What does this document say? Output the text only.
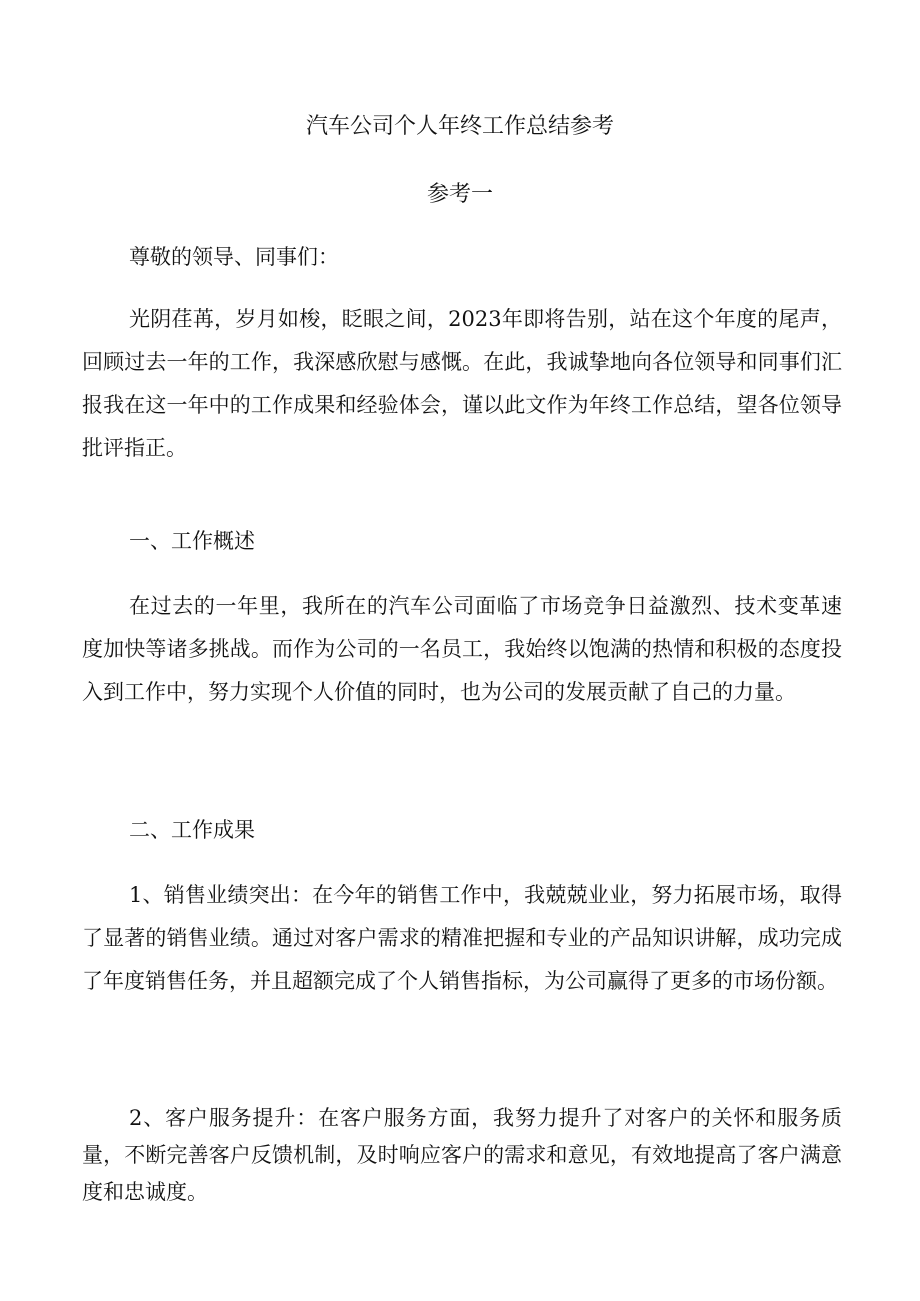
汽车公司个人年终工作总结参考
参考一

尊敬的领导、同事们：

光阴荏苒，岁月如梭，眨眼之间，2023年即将告别，站在这个年度的尾声，回顾过去一年的工作，我深感欣慰与感慨。在此，我诚挚地向各位领导和同事们汇报我在这一年中的工作成果和经验体会，谨以此文作为年终工作总结，望各位领导批评指正。

一、工作概述

在过去的一年里，我所在的汽车公司面临了市场竞争日益激烈、技术变革速度加快等诸多挑战。而作为公司的一名员工，我始终以饱满的热情和积极的态度投入到工作中，努力实现个人价值的同时，也为公司的发展贡献了自己的力量。

二、工作成果

1、销售业绩突出：在今年的销售工作中，我兢兢业业，努力拓展市场，取得了显著的销售业绩。通过对客户需求的精准把握和专业的产品知识讲解，成功完成了年度销售任务，并且超额完成了个人销售指标，为公司赢得了更多的市场份额。

2、客户服务提升：在客户服务方面，我努力提升了对客户的关怀和服务质量，不断完善客户反馈机制，及时响应客户的需求和意见，有效地提高了客户满意度和忠诚度。
